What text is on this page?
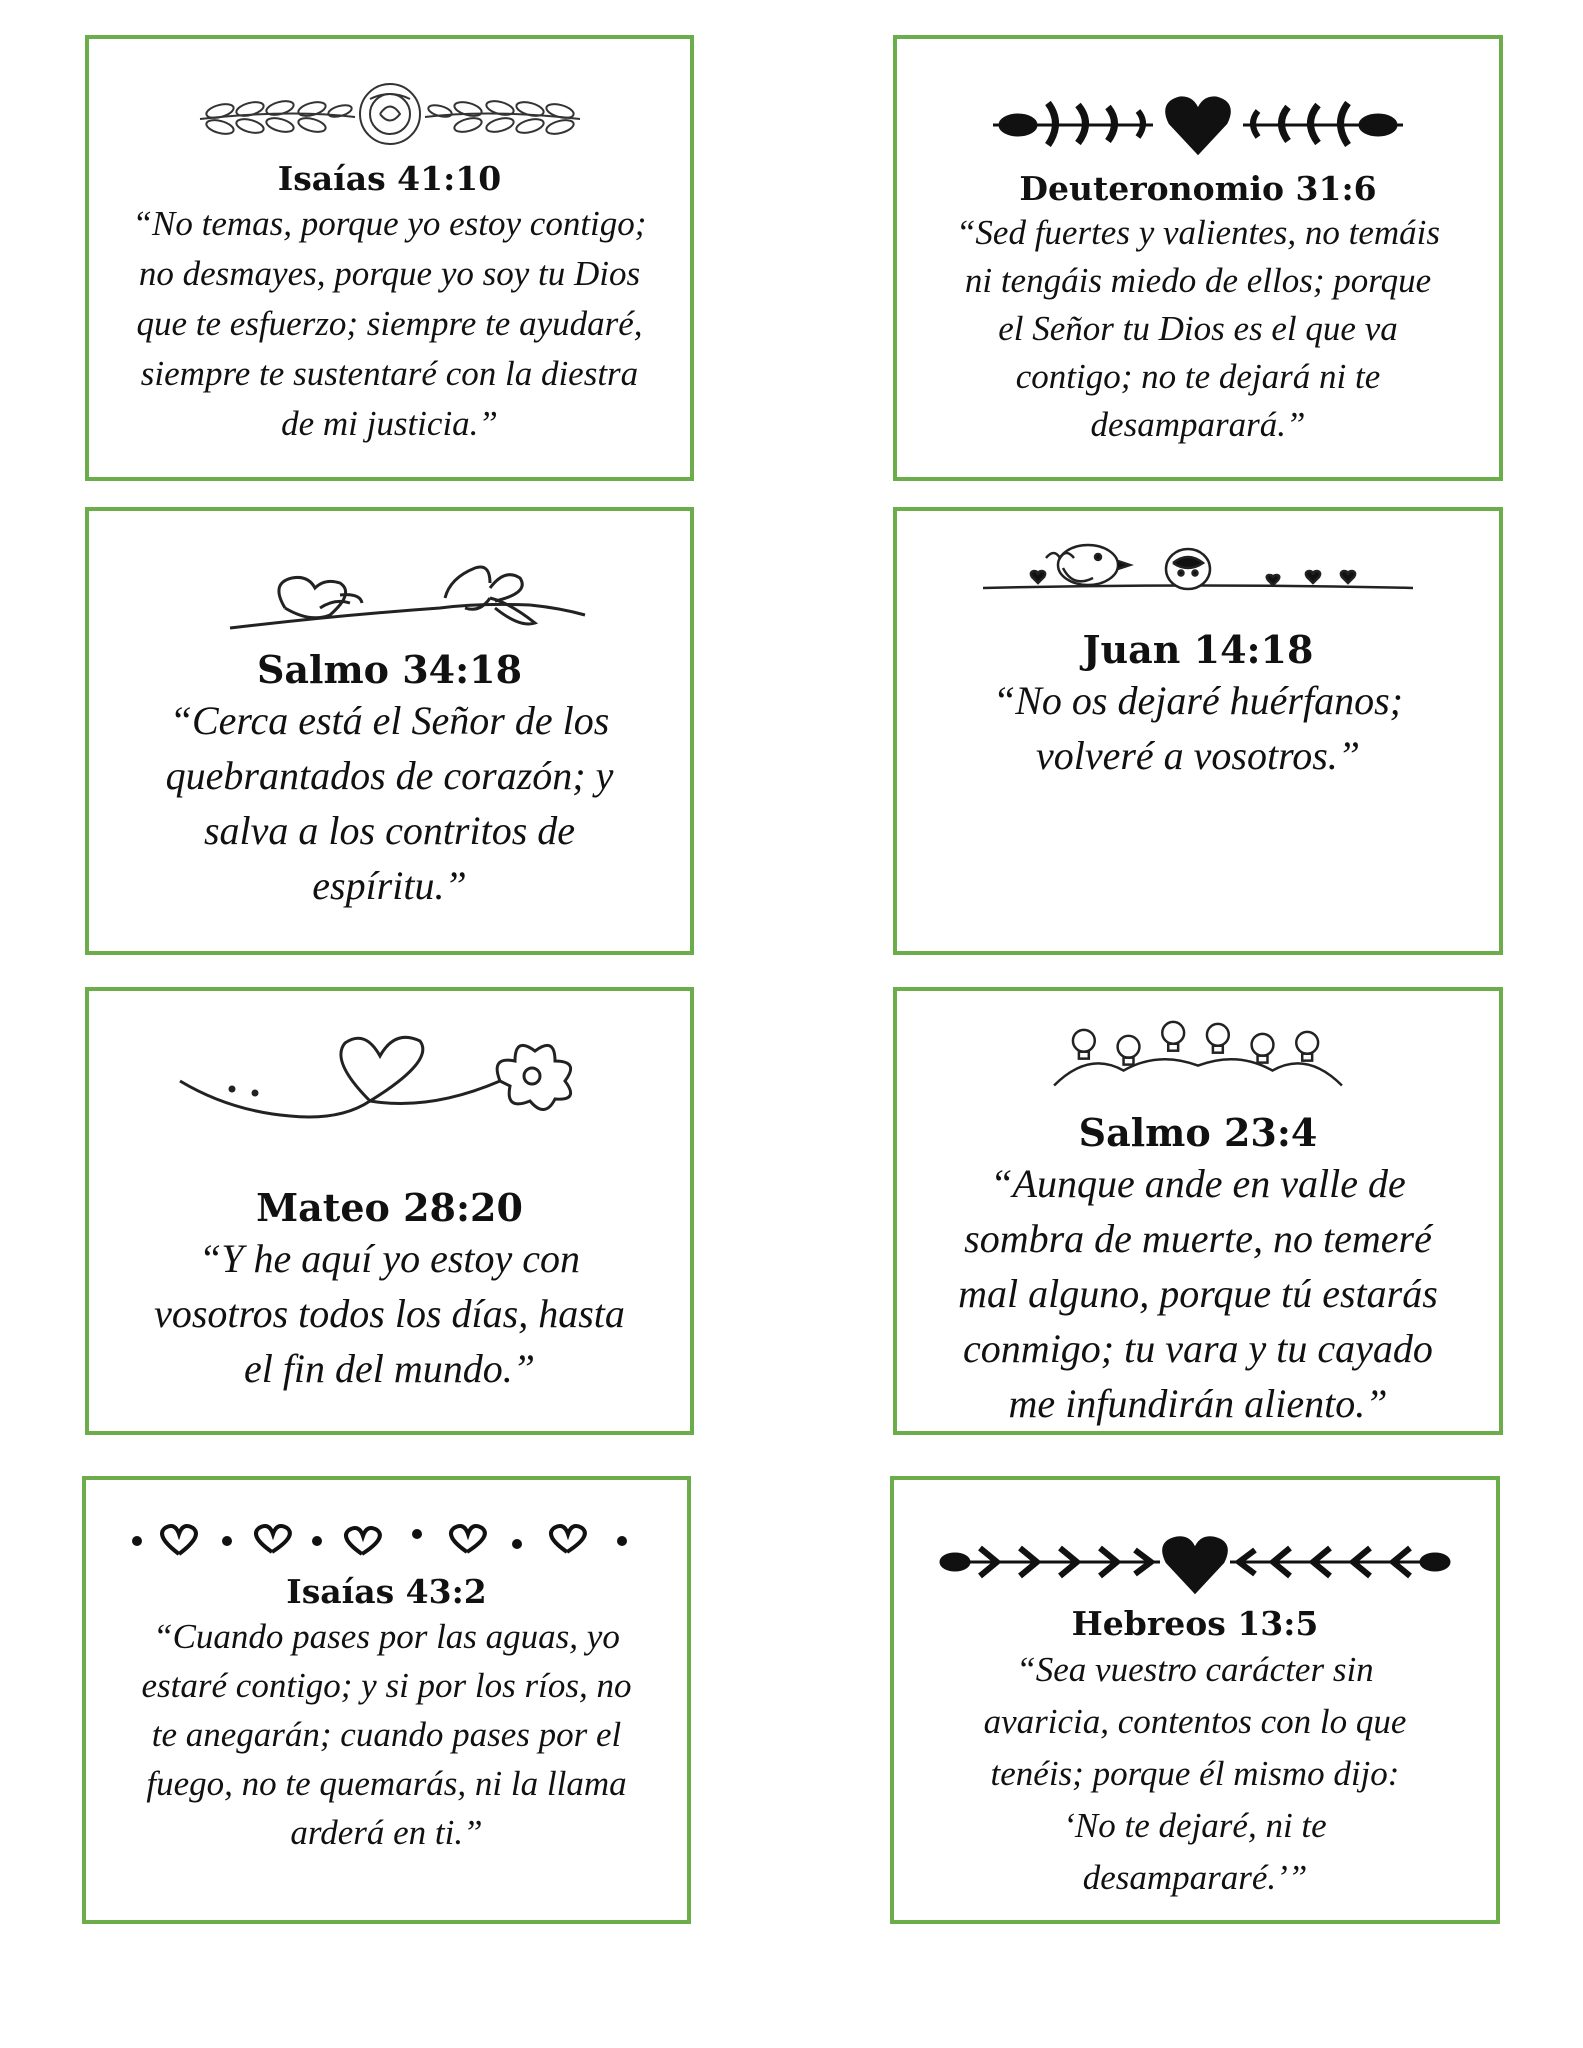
Isaías 41:10

“No temas, porque yo estoy contigo;
no desmayes, porque yo soy tu Dios
que te esfuerzo; siempre te ayudaré,
siempre te sustentaré con la diestra
de mi justicia.”

Deuteronomio 31:6

“Sed fuertes y valientes, no temáis
ni tengáis miedo de ellos; porque
el Señor tu Dios es el que va
contigo; no te dejará ni te
desamparará.”

Salmo 34:18

“Cerca está el Señor de los
quebrantados de corazón; y
salva a los contritos de
espíritu.”

Juan 14:18

“No os dejaré huérfanos;
volveré a vosotros.”

Mateo 28:20

“Y he aquí yo estoy con
vosotros todos los días, hasta
el fin del mundo.”

Salmo 23:4

“Aunque ande en valle de
sombra de muerte, no temeré
mal alguno, porque tú estarás
conmigo; tu vara y tu cayado
me infundirán aliento.”

Isaías 43:2

“Cuando pases por las aguas, yo
estaré contigo; y si por los ríos, no
te anegarán; cuando pases por el
fuego, no te quemarás, ni la llama
arderá en ti.”

Hebreos 13:5

“Sea vuestro carácter sin
avaricia, contentos con lo que
tenéis; porque él mismo dijo:
‘No te dejaré, ni te
desampararé.’”
